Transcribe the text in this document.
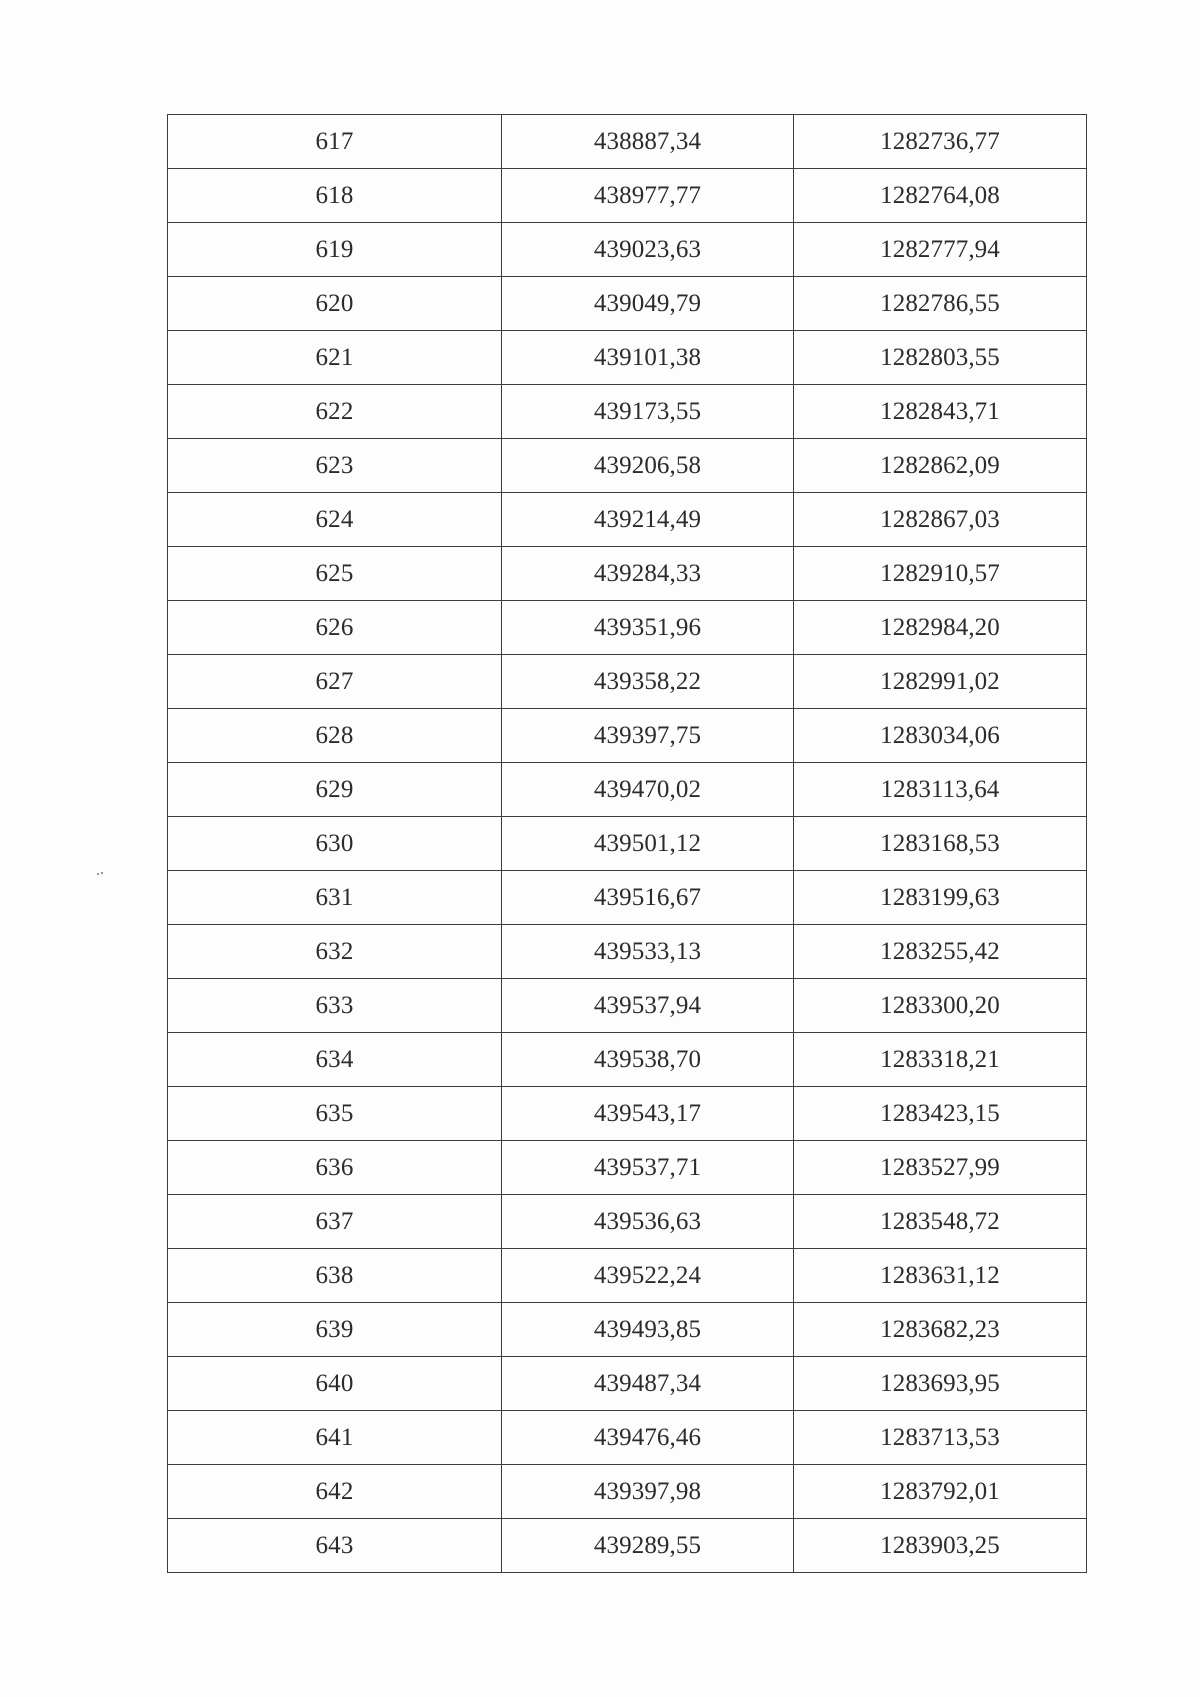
617	438887,34	1282736,77
618	438977,77	1282764,08
619	439023,63	1282777,94
620	439049,79	1282786,55
621	439101,38	1282803,55
622	439173,55	1282843,71
623	439206,58	1282862,09
624	439214,49	1282867,03
625	439284,33	1282910,57
626	439351,96	1282984,20
627	439358,22	1282991,02
628	439397,75	1283034,06
629	439470,02	1283113,64
630	439501,12	1283168,53
631	439516,67	1283199,63
632	439533,13	1283255,42
633	439537,94	1283300,20
634	439538,70	1283318,21
635	439543,17	1283423,15
636	439537,71	1283527,99
637	439536,63	1283548,72
638	439522,24	1283631,12
639	439493,85	1283682,23
640	439487,34	1283693,95
641	439476,46	1283713,53
642	439397,98	1283792,01
643	439289,55	1283903,25
